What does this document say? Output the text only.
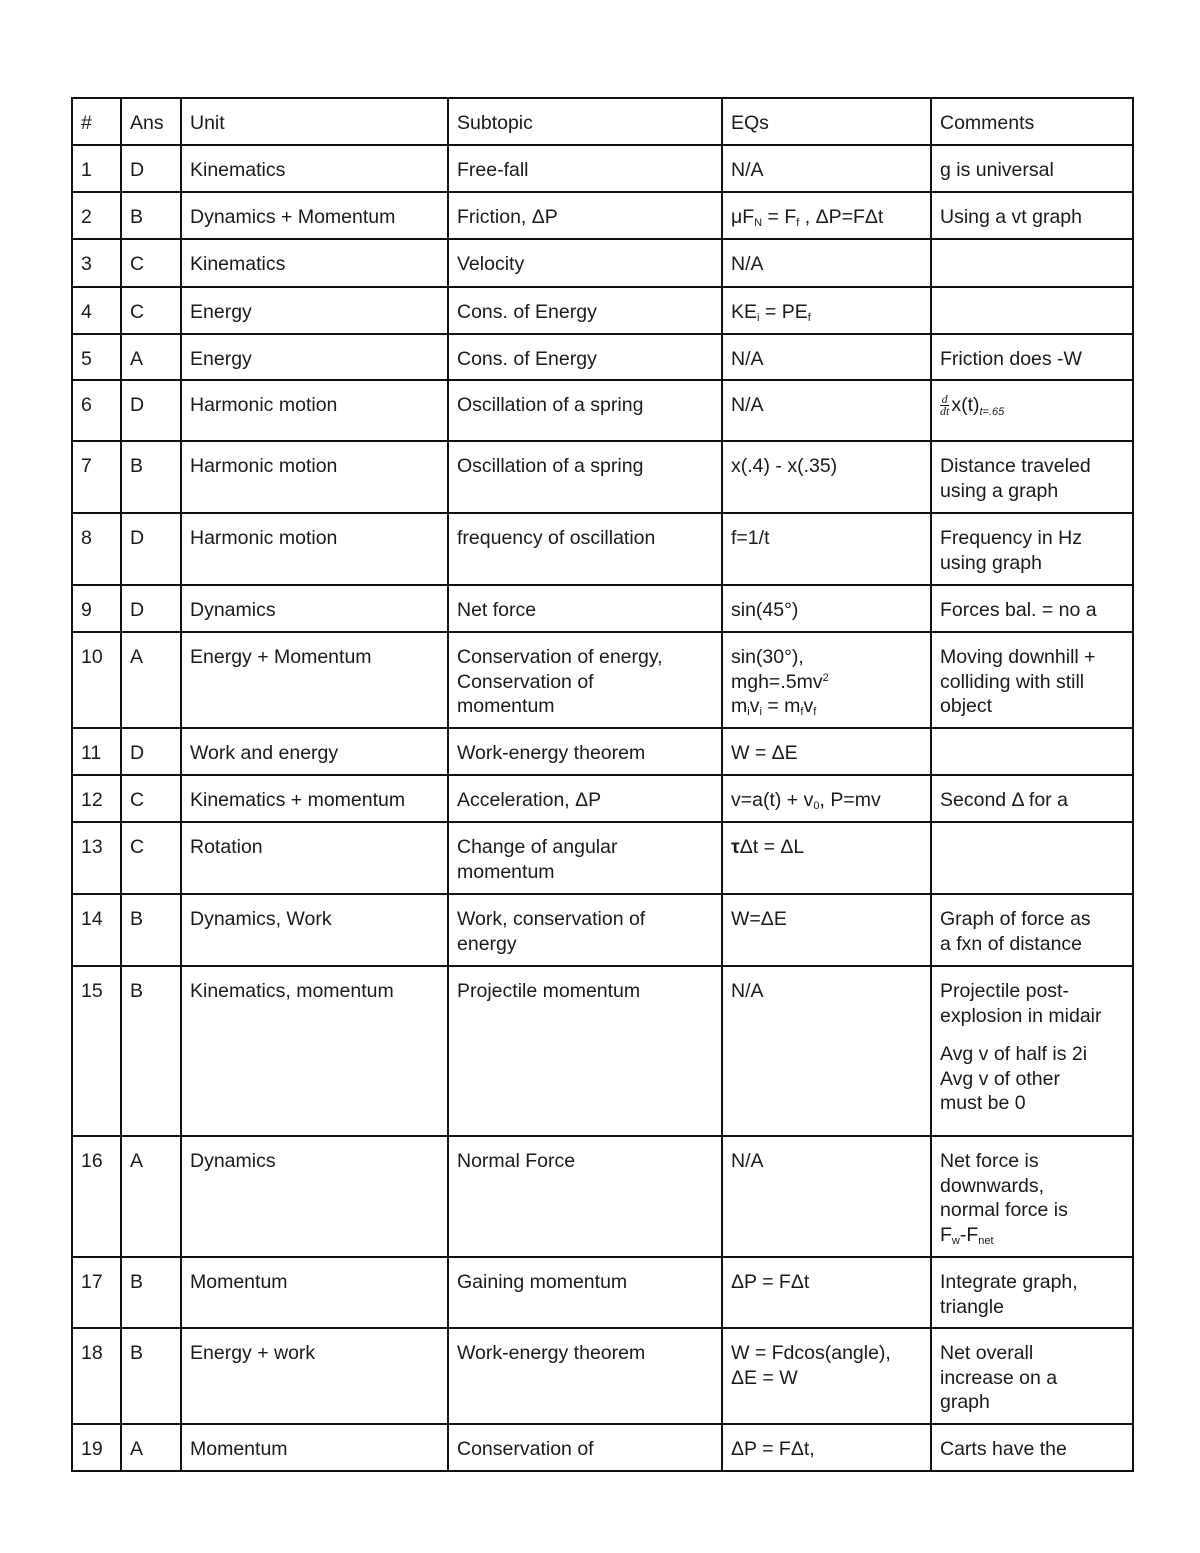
#	Ans	Unit	Subtopic	EQs	Comments
1	D	Kinematics	Free-fall	N/A	g is universal
2	B	Dynamics + Momentum	Friction, ΔP	$\mu F_N = F_f$ , ΔP=FΔt	Using a vt graph
3	C	Kinematics	Velocity	N/A	
4	C	Energy	Cons. of Energy	$KE_i = PE_f$	
5	A	Energy	Cons. of Energy	N/A	Friction does -W
6	D	Harmonic motion	Oscillation of a spring	N/A	$\frac{d}{dt} x(t)_{t=.65}$
7	B	Harmonic motion	Oscillation of a spring	x(.4) - x(.35)	Distance traveled
using a graph

8	D	Harmonic motion	frequency of oscillation	f=1/t	Frequency in Hz
using graph

9	D	Dynamics	Net force	sin(45°)	Forces bal. = no a
10	A	Energy + Momentum	Conservation of energy,
Conservation of
momentum	sin(30°),
$mgh=.5mv^2$
$m_iv_i = m_fv_f$	Moving downhill +
colliding with still
object

11	D	Work and energy	Work-energy theorem	W = ΔE	
12	C	Kinematics + momentum	Acceleration, ΔP	$v=a(t) + v_0$, P=mv	Second Δ for a
13	C	Rotation	Change of angular
momentum	τΔt = ΔL	
14	B	Dynamics, Work	Work, conservation of
energy	W=ΔE	Graph of force as
a fxn of distance

15	B	Kinematics, momentum	Projectile momentum	N/A	Projectile post-
explosion in midair
Avg v of half is 2i
Avg v of other
must be 0

16	A	Dynamics	Normal Force	N/A	Net force is
downwards,
normal force is
$F_w-F_{net}$

17	B	Momentum	Gaining momentum	ΔP = FΔt	Integrate graph,
triangle

18	B	Energy + work	Work-energy theorem	W = Fdcos(angle),
ΔE = W	Net overall
increase on a
graph

19	A	Momentum	Conservation of	ΔP = FΔt,	Carts have the
